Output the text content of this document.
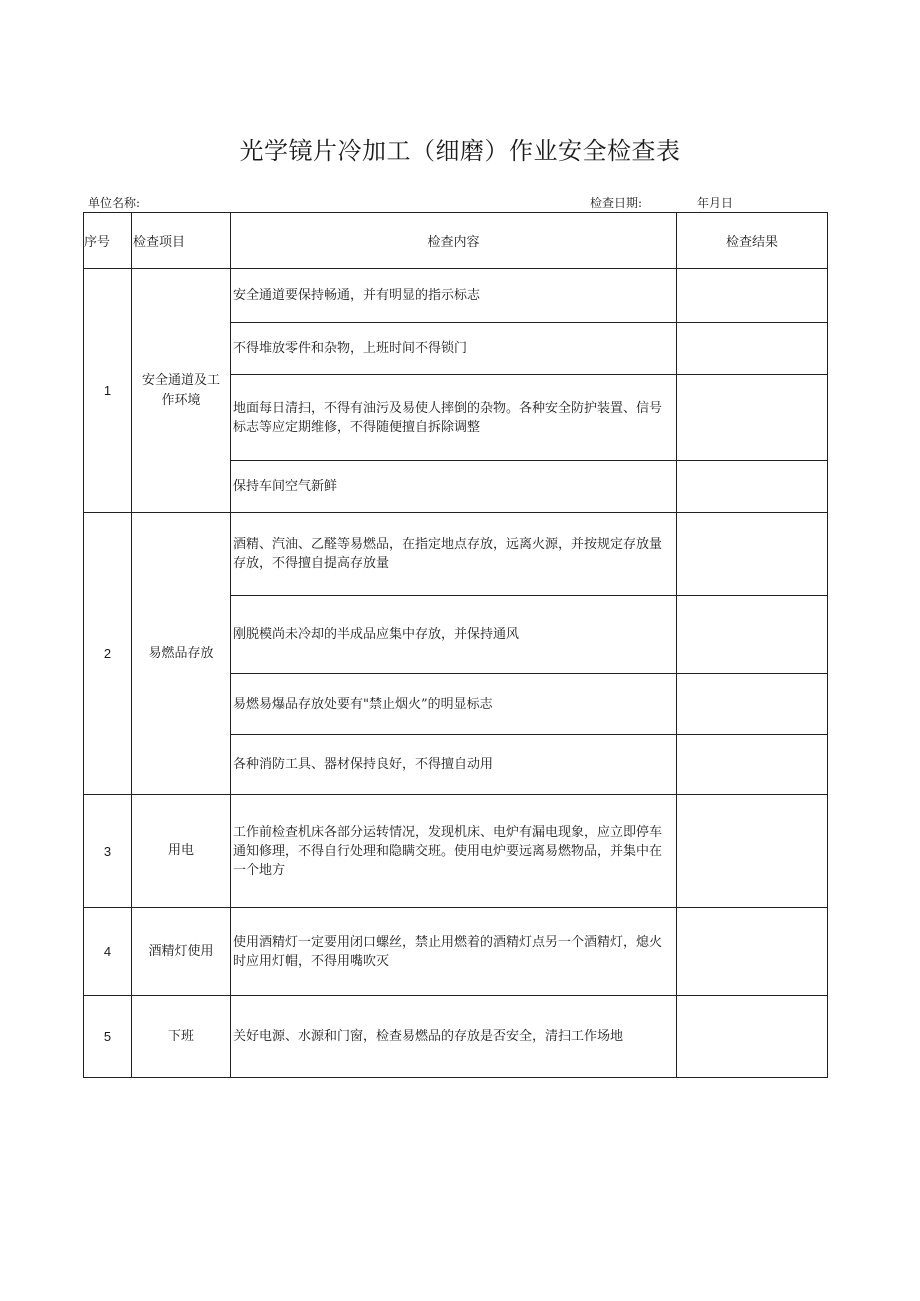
光学镜片冷加工（细磨）作业安全检查表
单位名称:	检查日期:	年月日
序号	检查项目	检查内容	检查结果
1	安全通道及工作环境	安全通道要保持畅通，并有明显的指示标志	
		不得堆放零件和杂物，上班时间不得锁门	
		地面每日清扫，不得有油污及易使人摔倒的杂物。各种安全防护装置、信号标志等应定期维修，不得随便擅自拆除调整	
		保持车间空气新鲜	
2	易燃品存放	酒精、汽油、乙醛等易燃品，在指定地点存放，远离火源，并按规定存放量存放，不得擅自提高存放量	
		刚脱模尚未冷却的半成品应集中存放，并保持通风	
		易燃易爆品存放处要有"禁止烟火”的明显标志	
		各种消防工具、器材保持良好，不得擅自动用	
3	用电	工作前检查机床各部分运转情况，发现机床、电炉有漏电现象，应立即停车通知修理，不得自行处理和隐瞒交班。使用电炉要远离易燃物品，并集中在一个地方	
4	酒精灯使用	使用酒精灯一定要用闭口螺丝，禁止用燃着的酒精灯点另一个酒精灯，熄火时应用灯帽，不得用嘴吹灭	
5	下班	关好电源、水源和门窗，检查易燃品的存放是否安全，清扫工作场地	
